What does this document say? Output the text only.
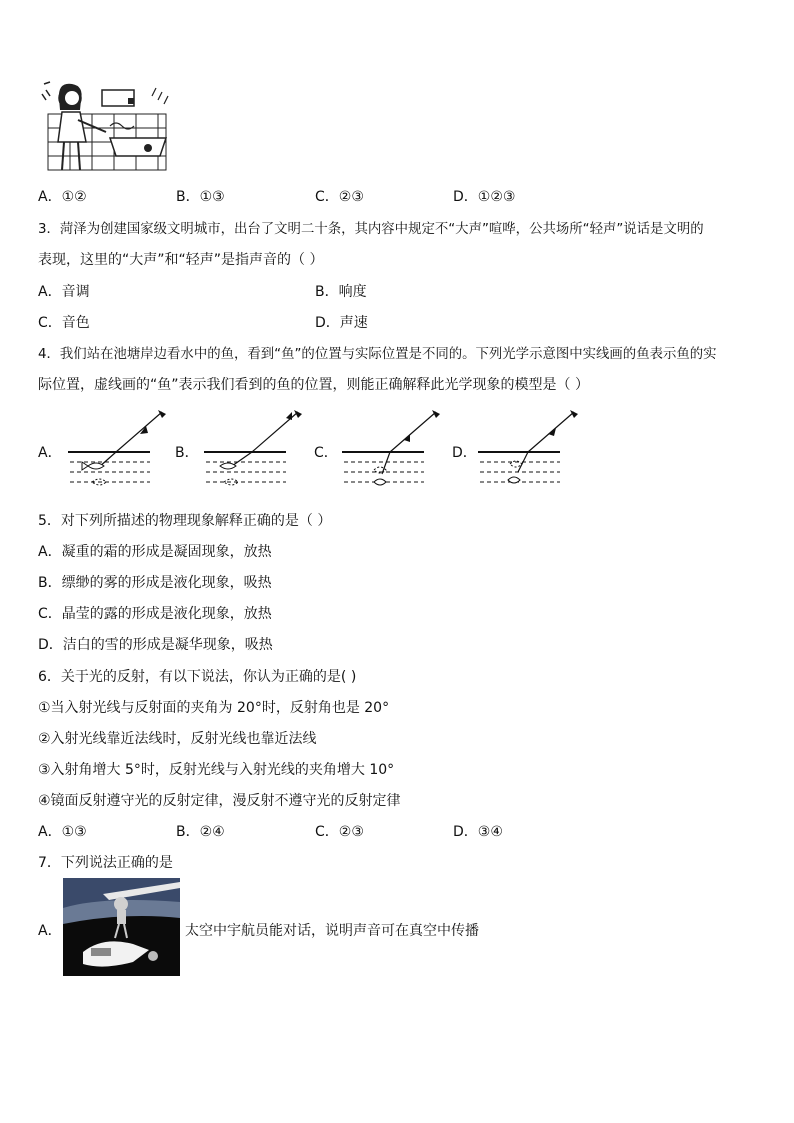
A．①②	B．①③	C．②③	D．①②③
3．菏泽为创建国家级文明城市，出台了文明二十条，其内容中规定不“大声”喧哗，公共场所“轻声”说话是文明的
表现，这里的“大声”和“轻声”是指声音的（ ）
A．音调	B．响度
C．音色	D．声速
4．我们站在池塘岸边看水中的鱼，看到“鱼”的位置与实际位置是不同的。下列光学示意图中实线画的鱼表示鱼的实
际位置，虚线画的“鱼”表示我们看到的鱼的位置，则能正确解释此光学现象的模型是（ ）
A．	B．	C．	D．
5．对下列所描述的物理现象解释正确的是（ ）
A．凝重的霜的形成是凝固现象，放热
B．缥缈的雾的形成是液化现象，吸热
C．晶莹的露的形成是液化现象，放热
D．洁白的雪的形成是凝华现象，吸热
6．关于光的反射，有以下说法，你认为正确的是( )
①当入射光线与反射面的夹角为 20°时，反射角也是 20°
②入射光线靠近法线时，反射光线也靠近法线
③入射角增大 5°时，反射光线与入射光线的夹角增大 10°
④镜面反射遵守光的反射定律，漫反射不遵守光的反射定律
A．①③	B．②④	C．②③	D．③④
7．下列说法正确的是
A．	太空中宇航员能对话，说明声音可在真空中传播
